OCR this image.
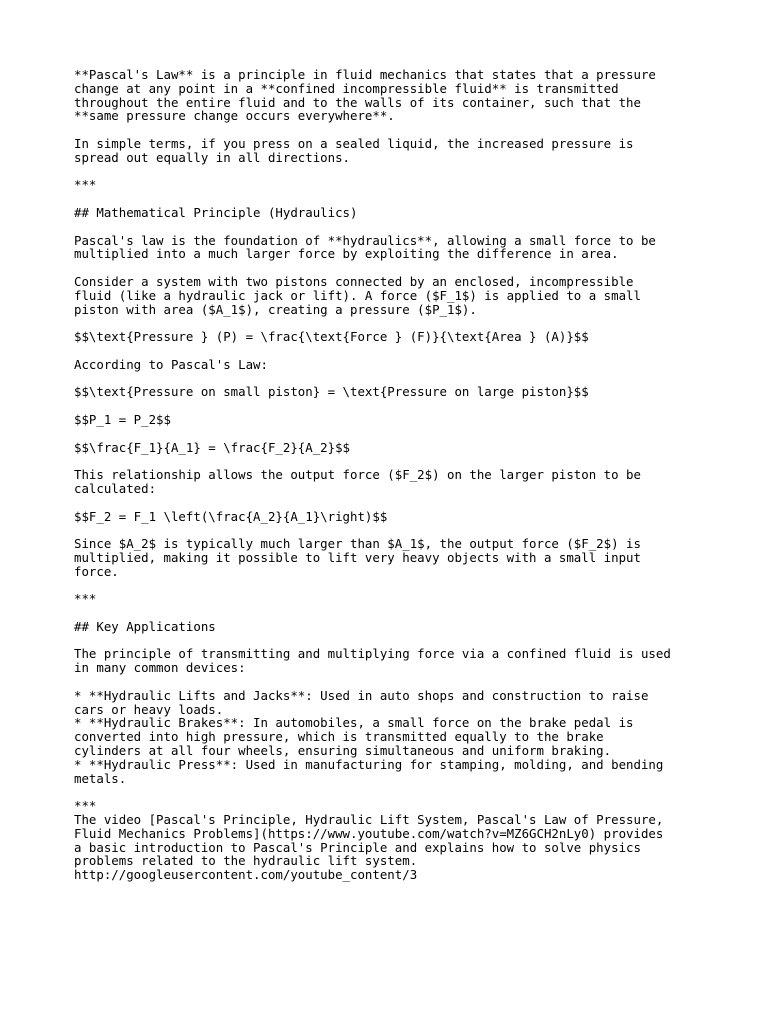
**Pascal's Law** is a principle in fluid mechanics that states that a pressure
change at any point in a **confined incompressible fluid** is transmitted
throughout the entire fluid and to the walls of its container, such that the
**same pressure change occurs everywhere**.

In simple terms, if you press on a sealed liquid, the increased pressure is
spread out equally in all directions.

***

## Mathematical Principle (Hydraulics)

Pascal's law is the foundation of **hydraulics**, allowing a small force to be
multiplied into a much larger force by exploiting the difference in area.

Consider a system with two pistons connected by an enclosed, incompressible
fluid (like a hydraulic jack or lift). A force ($F_1$) is applied to a small
piston with area ($A_1$), creating a pressure ($P_1$).

$$\text{Pressure } (P) = \frac{\text{Force } (F)}{\text{Area } (A)}$$

According to Pascal's Law:

$$\text{Pressure on small piston} = \text{Pressure on large piston}$$

$$P_1 = P_2$$

$$\frac{F_1}{A_1} = \frac{F_2}{A_2}$$

This relationship allows the output force ($F_2$) on the larger piston to be
calculated:

$$F_2 = F_1 \left(\frac{A_2}{A_1}\right)$$

Since $A_2$ is typically much larger than $A_1$, the output force ($F_2$) is
multiplied, making it possible to lift very heavy objects with a small input
force.

***

## Key Applications

The principle of transmitting and multiplying force via a confined fluid is used
in many common devices:

* **Hydraulic Lifts and Jacks**: Used in auto shops and construction to raise
cars or heavy loads.
* **Hydraulic Brakes**: In automobiles, a small force on the brake pedal is
converted into high pressure, which is transmitted equally to the brake
cylinders at all four wheels, ensuring simultaneous and uniform braking.
* **Hydraulic Press**: Used in manufacturing for stamping, molding, and bending
metals.

***
The video [Pascal's Principle, Hydraulic Lift System, Pascal's Law of Pressure,
Fluid Mechanics Problems](https://www.youtube.com/watch?v=MZ6GCH2nLy0) provides
a basic introduction to Pascal's Principle and explains how to solve physics
problems related to the hydraulic lift system.
http://googleusercontent.com/youtube_content/3
